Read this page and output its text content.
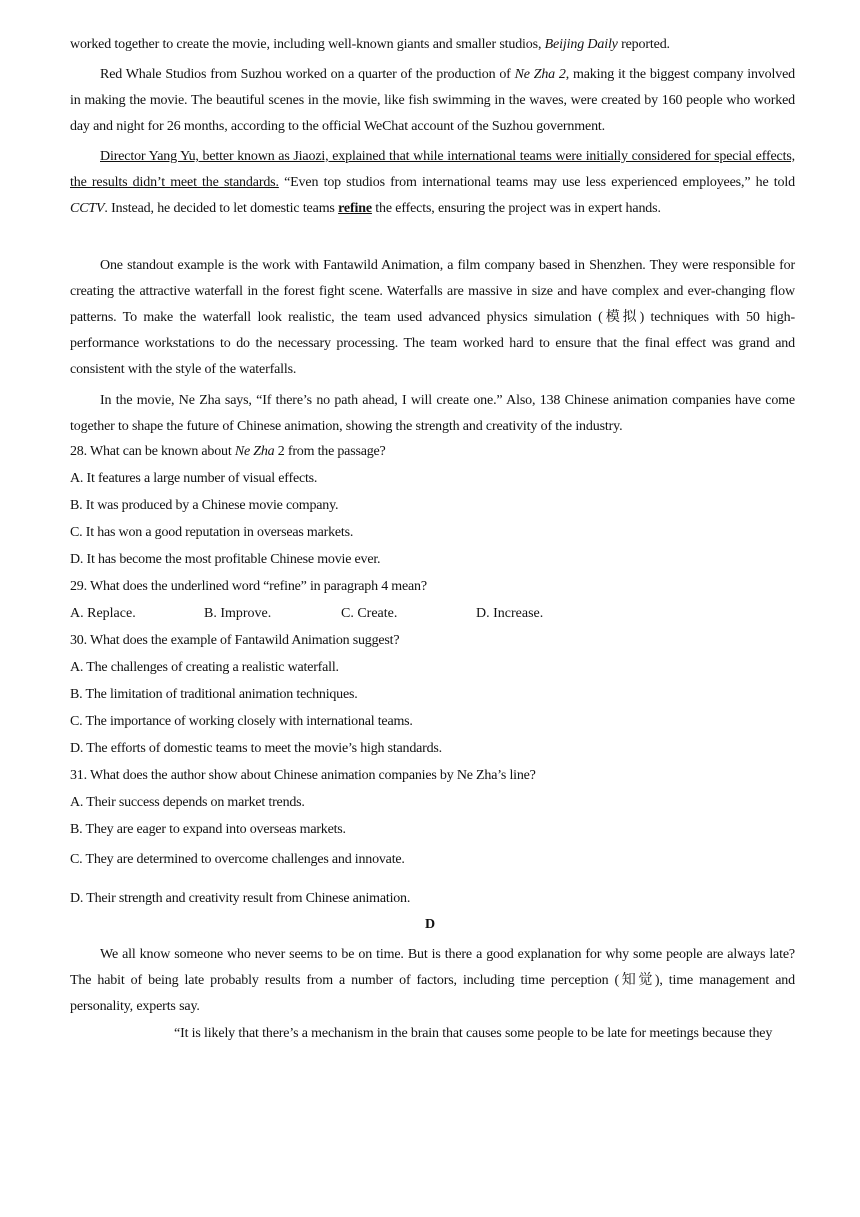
worked together to create the movie, including well-known giants and smaller studios, Beijing Daily reported.

Red Whale Studios from Suzhou worked on a quarter of the production of Ne Zha 2, making it the biggest company involved in making the movie. The beautiful scenes in the movie, like fish swimming in the waves, were created by 160 people who worked day and night for 26 months, according to the official WeChat account of the Suzhou government.

Director Yang Yu, better known as Jiaozi, explained that while international teams were initially considered for special effects, the results didn’t meet the standards. “Even top studios from international teams may use less experienced employees,” he told CCTV. Instead, he decided to let domestic teams refine the effects, ensuring the project was in expert hands.

One standout example is the work with Fantawild Animation, a film company based in Shenzhen. They were responsible for creating the attractive waterfall in the forest fight scene. Waterfalls are massive in size and have complex and ever-changing flow patterns. To make the waterfall look realistic, the team used advanced physics simulation (模拟) techniques with 50 high-performance workstations to do the necessary processing. The team worked hard to ensure that the final effect was grand and consistent with the style of the waterfalls.

In the movie, Ne Zha says, “If there’s no path ahead, I will create one.” Also, 138 Chinese animation companies have come together to shape the future of Chinese animation, showing the strength and creativity of the industry.

28. What can be known about Ne Zha 2 from the passage?

A. It features a large number of visual effects.

B. It was produced by a Chinese movie company.

C. It has won a good reputation in overseas markets.

D. It has become the most profitable Chinese movie ever.

29. What does the underlined word “refine” in paragraph 4 mean?

A. Replace.	B. Improve.	C. Create.	D. Increase.

30. What does the example of Fantawild Animation suggest?

A. The challenges of creating a realistic waterfall.

B. The limitation of traditional animation techniques.

C. The importance of working closely with international teams.

D. The efforts of domestic teams to meet the movie’s high standards.

31. What does the author show about Chinese animation companies by Ne Zha’s line?

A. Their success depends on market trends.

B. They are eager to expand into overseas markets.

C. They are determined to overcome challenges and innovate.

D. Their strength and creativity result from Chinese animation.

D

We all know someone who never seems to be on time. But is there a good explanation for why some people are always late? The habit of being late probably results from a number of factors, including time perception (知觉), time management and personality, experts say.

“It is likely that there’s a mechanism in the brain that causes some people to be late for meetings because they
